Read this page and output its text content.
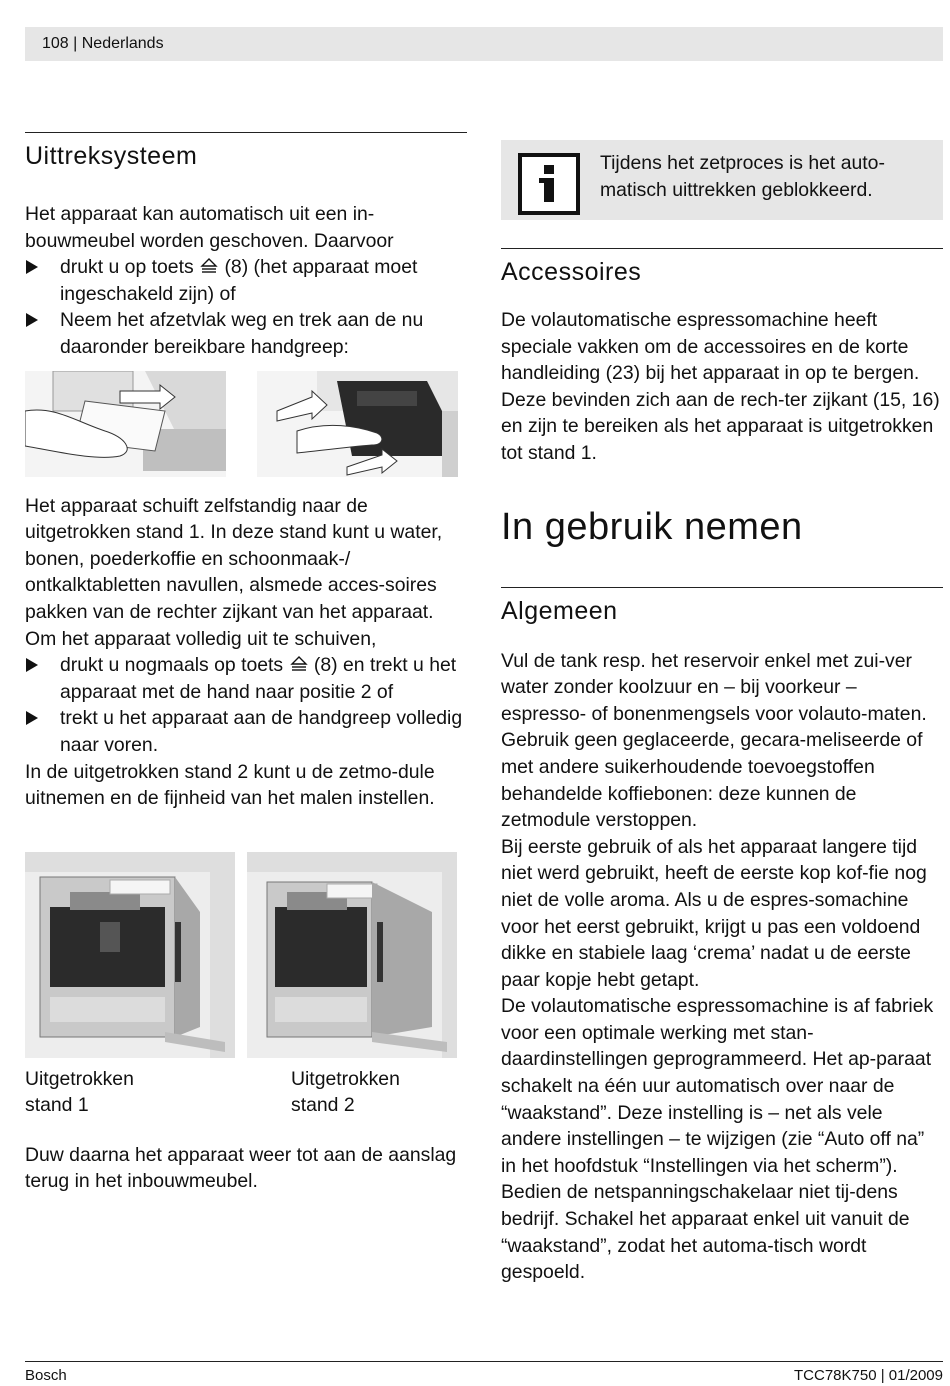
108 | Nederlands
Uittreksysteem

Het apparaat kan automatisch uit een in-bouwmeubel worden geschoven. Daarvoor

drukt u op toets (8) (het apparaat moet ingeschakeld zijn) of
Neem het afzetvlak weg en trek aan de nu daaronder bereikbare handgreep:

Het apparaat schuift zelfstandig naar de uitgetrokken stand 1. In deze stand kunt u water, bonen, poederkoffie en schoonmaak-/ ontkalktabletten navullen, alsmede acces-soires pakken van de rechter zijkant van het apparaat.

Om het apparaat volledig uit te schuiven,

drukt u nogmaals op toets (8) en trekt u het apparaat met de hand naar positie 2 of
trekt u het apparaat aan de handgreep volledig naar voren.

In de uitgetrokken stand 2 kunt u de zetmo-dule uitnemen en de fijnheid van het malen instellen.

Uitgetrokken stand 1
Uitgetrokken stand 2

Duw daarna het apparaat weer tot aan de aanslag terug in het inbouwmeubel.

Tijdens het zetproces is het auto-matisch uittrekken geblokkeerd.
Accessoires

De volautomatische espressomachine heeft speciale vakken om de accessoires en de korte handleiding (23) bij het apparaat in op te bergen. Deze bevinden zich aan de rech-ter zijkant (15, 16) en zijn te bereiken als het apparaat is uitgetrokken tot stand 1.

In gebruik nemen
Algemeen

Vul de tank resp. het reservoir enkel met zui-ver water zonder koolzuur en – bij voorkeur – espresso- of bonenmengsels voor volauto-maten. Gebruik geen geglaceerde, gecara-meliseerde of met andere suikerhoudende toevoegstoffen behandelde koffiebonen: deze kunnen de zetmodule verstoppen.

Bij eerste gebruik of als het apparaat langere tijd niet werd gebruikt, heeft de eerste kop kof-fie nog niet de volle aroma. Als u de espres-somachine voor het eerst gebruikt, krijgt u pas een voldoend dikke en stabiele laag ‘crema’ nadat u de eerste paar kopje hebt getapt.

De volautomatische espressomachine is af fabriek voor een optimale werking met stan-daardinstellingen geprogrammeerd. Het ap-paraat schakelt na één uur automatisch over naar de “waakstand”. Deze instelling is – net als vele andere instellingen – te wijzigen (zie “Auto off na” in het hoofdstuk “Instellingen via het scherm”).

Bedien de netspanningschakelaar niet tij-dens bedrijf. Schakel het apparaat enkel uit vanuit de “waakstand”, zodat het automa-tisch wordt gespoeld.

Bosch	TCC78K750 | 01/2009
